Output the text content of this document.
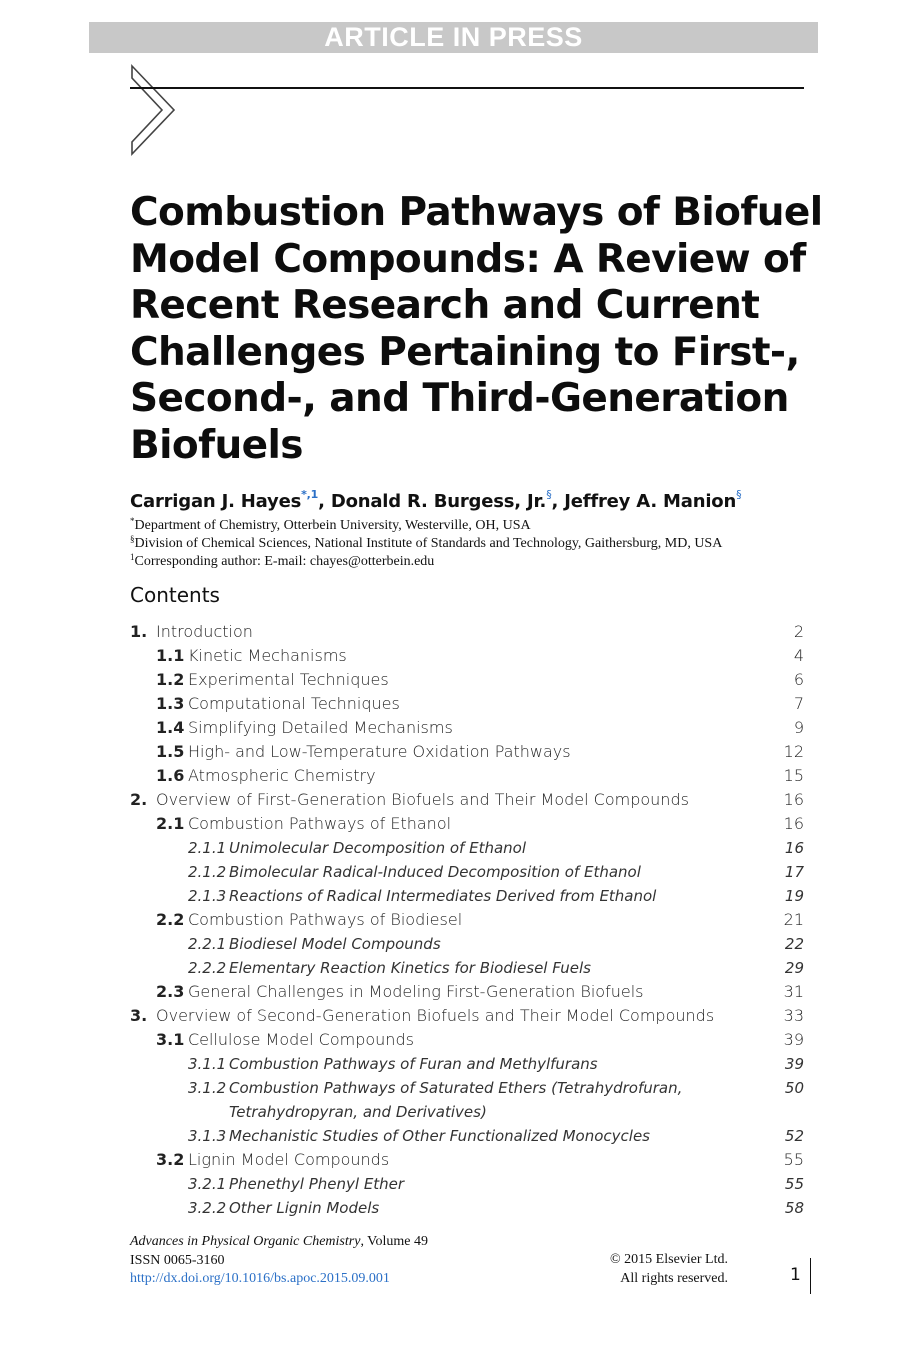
ARTICLE IN PRESS
Combustion Pathways of Biofuel Model Compounds: A Review of Recent Research and Current Challenges Pertaining to First-, Second-, and Third-Generation Biofuels
Carrigan J. Hayes$^{*,1}$, Donald R. Burgess, Jr.§, Jeffrey A. Manion§
*Department of Chemistry, Otterbein University, Westerville, OH, USA
§Division of Chemical Sciences, National Institute of Standards and Technology, Gaithersburg, MD, USA
$^1$Corresponding author: E-mail: chayes@otterbein.edu
Contents
1. Introduction	2
1.1 Kinetic Mechanisms	4
1.2 Experimental Techniques	6
1.3 Computational Techniques	7
1.4 Simplifying Detailed Mechanisms	9
1.5 High- and Low-Temperature Oxidation Pathways	12
1.6 Atmospheric Chemistry	15
2. Overview of First-Generation Biofuels and Their Model Compounds	16
2.1 Combustion Pathways of Ethanol	16
2.1.1 Unimolecular Decomposition of Ethanol	16
2.1.2 Bimolecular Radical-Induced Decomposition of Ethanol	17
2.1.3 Reactions of Radical Intermediates Derived from Ethanol	19
2.2 Combustion Pathways of Biodiesel	21
2.2.1 Biodiesel Model Compounds	22
2.2.2 Elementary Reaction Kinetics for Biodiesel Fuels	29
2.3 General Challenges in Modeling First-Generation Biofuels	31
3. Overview of Second-Generation Biofuels and Their Model Compounds	33
3.1 Cellulose Model Compounds	39
3.1.1 Combustion Pathways of Furan and Methylfurans	39
3.1.2 Combustion Pathways of Saturated Ethers (Tetrahydrofuran, Tetrahydropyran, and Derivatives)
50
3.1.3 Mechanistic Studies of Other Functionalized Monocycles	52
3.2 Lignin Model Compounds	55
3.2.1 Phenethyl Phenyl Ether	55
3.2.2 Other Lignin Models	58
Advances in Physical Organic Chemistry, Volume 49
ISSN 0065-3160
http://dx.doi.org/10.1016/bs.apoc.2015.09.001
© 2015 Elsevier Ltd.
All rights reserved.	1
